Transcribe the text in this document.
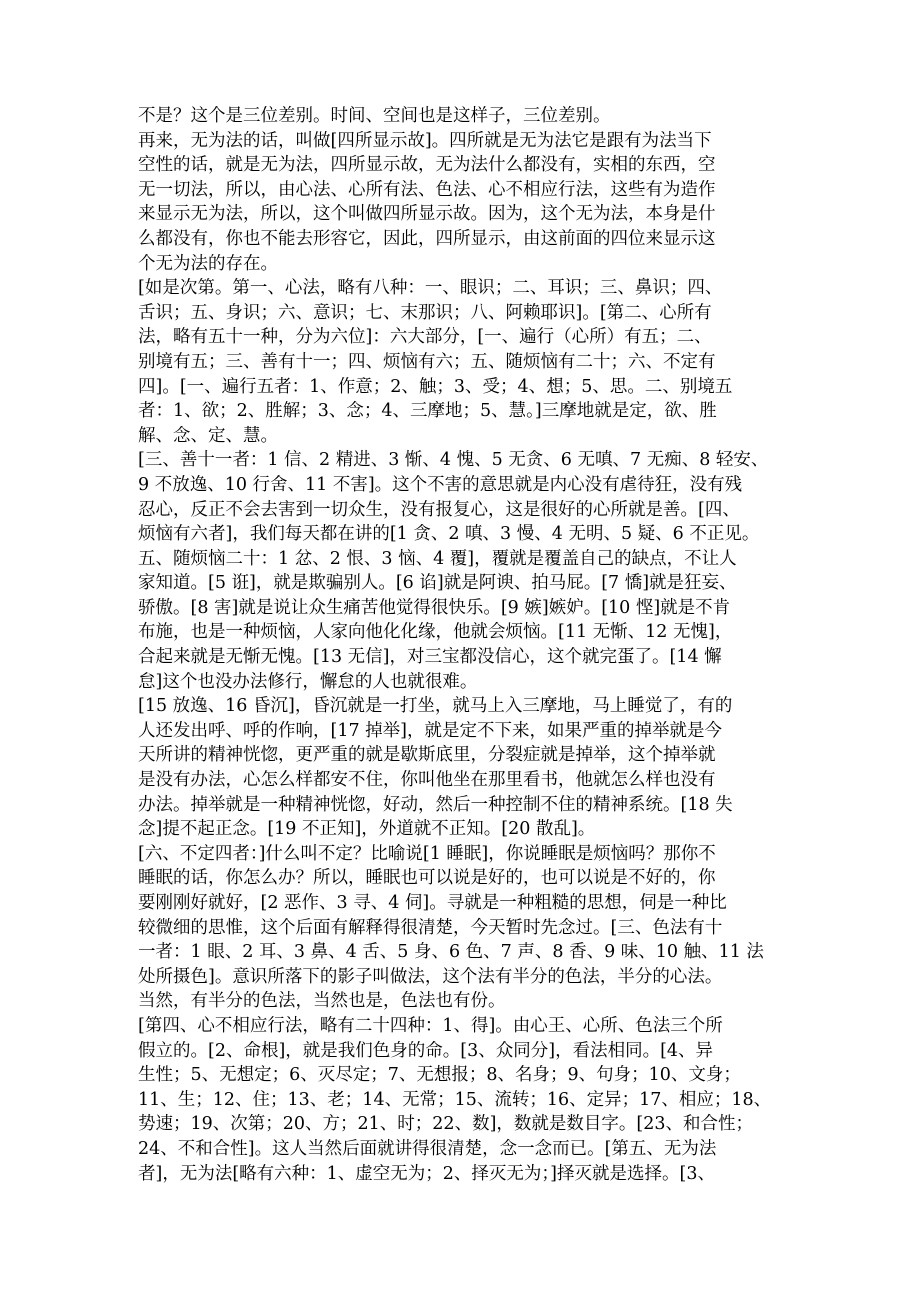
不是？这个是三位差别。时间、空间也是这样子，三位差别。
再来，无为法的话，叫做[四所显示故]。四所就是无为法它是跟有为法当下
空性的话，就是无为法，四所显示故，无为法什么都没有，实相的东西，空
无一切法，所以，由心法、心所有法、色法、心不相应行法，这些有为造作
来显示无为法，所以，这个叫做四所显示故。因为，这个无为法，本身是什
么都没有，你也不能去形容它，因此，四所显示，由这前面的四位来显示这
个无为法的存在。
[如是次第。第一、心法，略有八种：一、眼识；二、耳识；三、鼻识；四、
舌识；五、身识；六、意识；七、末那识；八、阿赖耶识]。[第二、心所有
法，略有五十一种，分为六位]：六大部分，[一、遍行（心所）有五；二、
别境有五；三、善有十一；四、烦恼有六；五、随烦恼有二十；六、不定有
四]。[一、遍行五者：1、作意；2、触；3、受；4、想；5、思。二、别境五
者：1、欲；2、胜解；3、念；4、三摩地；5、慧。]三摩地就是定，欲、胜
解、念、定、慧。
[三、善十一者：1 信、2 精进、3 惭、4 愧、5 无贪、6 无嗔、7 无痴、8 轻安、
9 不放逸、10 行舍、11 不害]。这个不害的意思就是内心没有虐待狂，没有残
忍心，反正不会去害到一切众生，没有报复心，这是很好的心所就是善。[四、
烦恼有六者]，我们每天都在讲的[1 贪、2 嗔、3 慢、4 无明、5 疑、6 不正见。
五、随烦恼二十：1 忿、2 恨、3 恼、4 覆]，覆就是覆盖自己的缺点，不让人
家知道。[5 诳]，就是欺骗别人。[6 谄]就是阿谀、拍马屁。[7 憍]就是狂妄、
骄傲。[8 害]就是说让众生痛苦他觉得很快乐。[9 嫉]嫉妒。[10 悭]就是不肯
布施，也是一种烦恼，人家向他化化缘，他就会烦恼。[11 无惭、12 无愧]，
合起来就是无惭无愧。[13 无信]，对三宝都没信心，这个就完蛋了。[14 懈
怠]这个也没办法修行，懈怠的人也就很难。
[15 放逸、16 昏沉]，昏沉就是一打坐，就马上入三摩地，马上睡觉了，有的
人还发出呼、呼的作响，[17 掉举]，就是定不下来，如果严重的掉举就是今
天所讲的精神恍惚，更严重的就是歇斯底里，分裂症就是掉举，这个掉举就
是没有办法，心怎么样都安不住，你叫他坐在那里看书，他就怎么样也没有
办法。掉举就是一种精神恍惚，好动，然后一种控制不住的精神系统。[18 失
念]提不起正念。[19 不正知]，外道就不正知。[20 散乱]。
[六、不定四者：]什么叫不定？比喻说[1 睡眠]，你说睡眠是烦恼吗？那你不
睡眠的话，你怎么办？所以，睡眠也可以说是好的，也可以说是不好的，你
要刚刚好就好，[2 恶作、3 寻、4 伺]。寻就是一种粗糙的思想，伺是一种比
较微细的思惟，这个后面有解释得很清楚，今天暂时先念过。[三、色法有十
一者：1 眼、2 耳、3 鼻、4 舌、5 身、6 色、7 声、8 香、9 味、10 触、11 法
处所摄色]。意识所落下的影子叫做法，这个法有半分的色法，半分的心法。
当然，有半分的色法，当然也是，色法也有份。
[第四、心不相应行法，略有二十四种：1、得]。由心王、心所、色法三个所
假立的。[2、命根]，就是我们色身的命。[3、众同分]，看法相同。[4、异
生性；5、无想定；6、灭尽定；7、无想报；8、名身；9、句身；10、文身；
11、生；12、住；13、老；14、无常；15、流转；16、定异；17、相应；18、
势速；19、次第；20、方；21、时；22、数]，数就是数目字。[23、和合性；
24、不和合性]。这人当然后面就讲得很清楚，念一念而已。[第五、无为法
者]，无为法[略有六种：1、虚空无为；2、择灭无为；]择灭就是选择。[3、
